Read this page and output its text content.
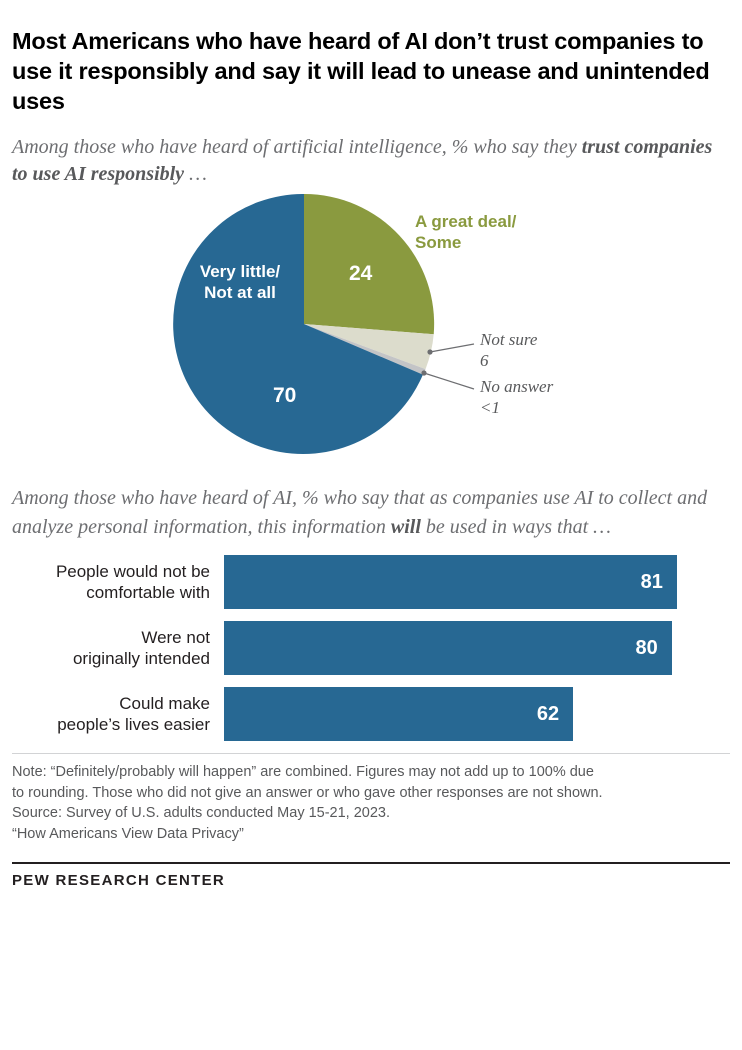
Most Americans who have heard of AI don’t trust companies to use it responsibly and say it will lead to unease and unintended uses
Among those who have heard of artificial intelligence, % who say they trust companies to use AI responsibly …
A great deal/
Some
Very little/
Not at all
24
70
Not sure
6
No answer
<1
Among those who have heard of AI, % who say that as companies use AI to collect and analyze personal information, this information will be used in ways that …
People would not be
comfortable with	81
Were not
originally intended	80
Could make
people’s lives easier	62
Note: “Definitely/probably will happen” are combined. Figures may not add up to 100% due
to rounding. Those who did not give an answer or who gave other responses are not shown.
Source: Survey of U.S. adults conducted May 15-21, 2023.
“How Americans View Data Privacy”
PEW RESEARCH CENTER
